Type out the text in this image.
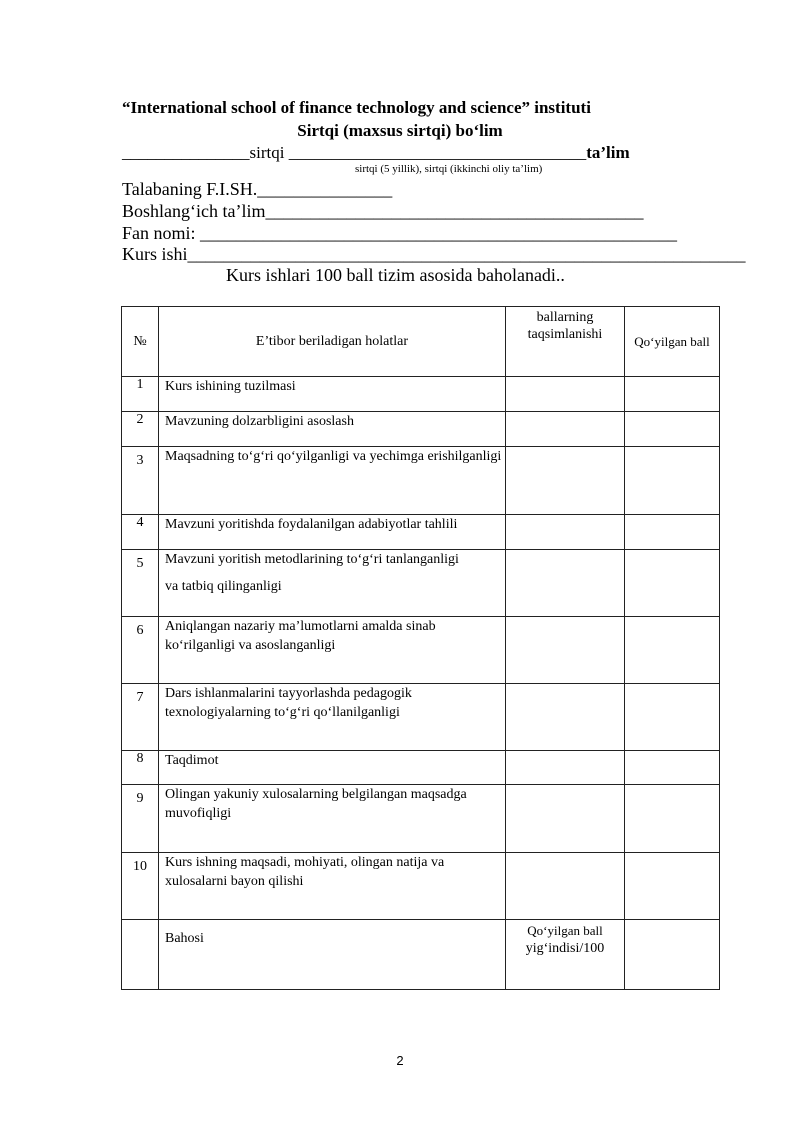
“International school of finance technology and science” instituti
Sirtqi (maxsus sirtqi) bo‘lim
_______________sirtqi ___________________________________ta’lim
sirtqi (5 yillik), sirtqi (ikkinchi oliy ta’lim)
Talabaning F.I.SH._______________
Boshlang‘ich ta’lim__________________________________________
Fan nomi: _____________________________________________________
Kurs ishi______________________________________________________________
Kurs ishlari 100 ball tizim asosida baholanadi..
№	E’tibor beriladigan holatlar	ballarning taqsimlanishi	Qo‘yilgan ball
1	Kurs ishining tuzilmasi		
2	Mavzuning dolzarbligini asoslash		
3	Maqsadning to‘g‘ri qo‘yilganligi va yechimga erishilganligi		
4	Mavzuni yoritishda foydalanilgan adabiyotlar tahlili		
5	Mavzuni yoritish metodlarining to‘g‘ri tanlanganligi
va tatbiq qilinganligi		

6	Aniqlangan nazariy ma’lumotlarni amalda sinab ko‘rilganligi va asoslanganligi		
7	Dars ishlanmalarini tayyorlashda pedagogik texnologiyalarning to‘g‘ri qo‘llanilganligi		
8	Taqdimot		
9	Olingan yakuniy xulosalarning belgilangan maqsadga muvofiqligi		
10	Kurs ishning maqsadi, mohiyati, olingan natija va xulosalarni bayon qilishi		
	Bahosi	Qo‘yilgan ball
yig‘indisi/100	

2
